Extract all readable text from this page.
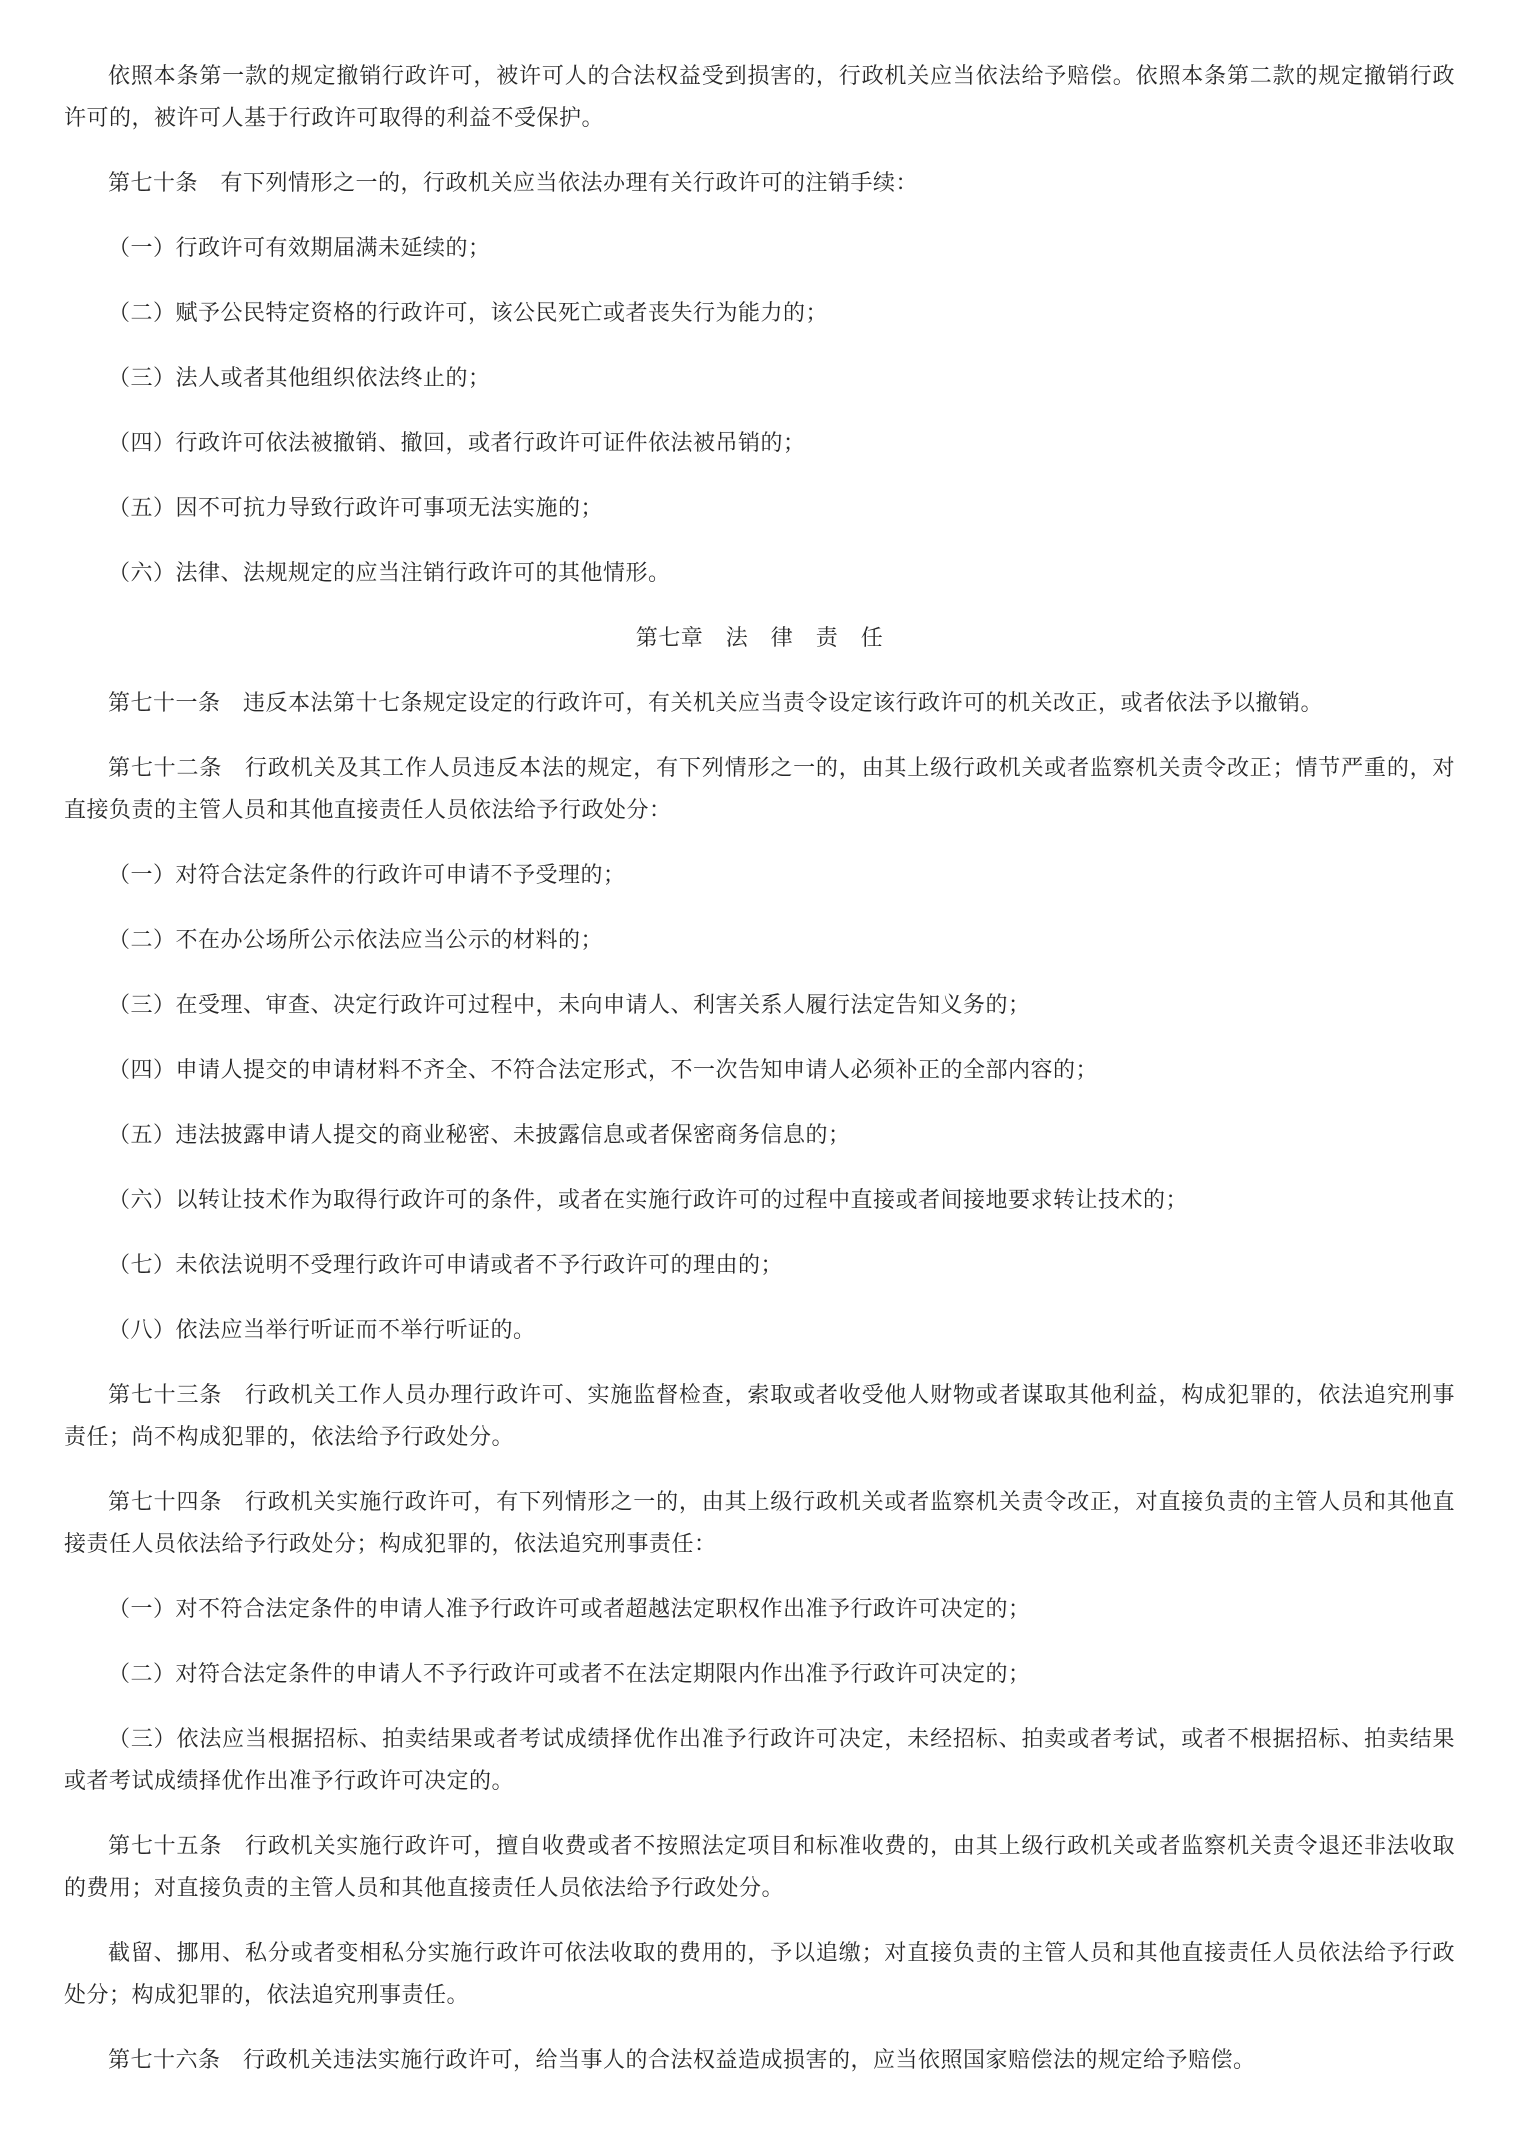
依照本条第一款的规定撤销行政许可，被许可人的合法权益受到损害的，行政机关应当依法给予赔偿。依照本条第二款的规定撤销行政许可的，被许可人基于行政许可取得的利益不受保护。

第七十条　有下列情形之一的，行政机关应当依法办理有关行政许可的注销手续：

（一）行政许可有效期届满未延续的；

（二）赋予公民特定资格的行政许可，该公民死亡或者丧失行为能力的；

（三）法人或者其他组织依法终止的；

（四）行政许可依法被撤销、撤回，或者行政许可证件依法被吊销的；

（五）因不可抗力导致行政许可事项无法实施的；

（六）法律、法规规定的应当注销行政许可的其他情形。

第七章　法　律　责　任

第七十一条　违反本法第十七条规定设定的行政许可，有关机关应当责令设定该行政许可的机关改正，或者依法予以撤销。

第七十二条　行政机关及其工作人员违反本法的规定，有下列情形之一的，由其上级行政机关或者监察机关责令改正；情节严重的，对直接负责的主管人员和其他直接责任人员依法给予行政处分：

（一）对符合法定条件的行政许可申请不予受理的；

（二）不在办公场所公示依法应当公示的材料的；

（三）在受理、审查、决定行政许可过程中，未向申请人、利害关系人履行法定告知义务的；

（四）申请人提交的申请材料不齐全、不符合法定形式，不一次告知申请人必须补正的全部内容的；

（五）违法披露申请人提交的商业秘密、未披露信息或者保密商务信息的；

（六）以转让技术作为取得行政许可的条件，或者在实施行政许可的过程中直接或者间接地要求转让技术的；

（七）未依法说明不受理行政许可申请或者不予行政许可的理由的；

（八）依法应当举行听证而不举行听证的。

第七十三条　行政机关工作人员办理行政许可、实施监督检查，索取或者收受他人财物或者谋取其他利益，构成犯罪的，依法追究刑事责任；尚不构成犯罪的，依法给予行政处分。

第七十四条　行政机关实施行政许可，有下列情形之一的，由其上级行政机关或者监察机关责令改正，对直接负责的主管人员和其他直接责任人员依法给予行政处分；构成犯罪的，依法追究刑事责任：

（一）对不符合法定条件的申请人准予行政许可或者超越法定职权作出准予行政许可决定的；

（二）对符合法定条件的申请人不予行政许可或者不在法定期限内作出准予行政许可决定的；

（三）依法应当根据招标、拍卖结果或者考试成绩择优作出准予行政许可决定，未经招标、拍卖或者考试，或者不根据招标、拍卖结果或者考试成绩择优作出准予行政许可决定的。

第七十五条　行政机关实施行政许可，擅自收费或者不按照法定项目和标准收费的，由其上级行政机关或者监察机关责令退还非法收取的费用；对直接负责的主管人员和其他直接责任人员依法给予行政处分。

截留、挪用、私分或者变相私分实施行政许可依法收取的费用的，予以追缴；对直接负责的主管人员和其他直接责任人员依法给予行政处分；构成犯罪的，依法追究刑事责任。

第七十六条　行政机关违法实施行政许可，给当事人的合法权益造成损害的，应当依照国家赔偿法的规定给予赔偿。
